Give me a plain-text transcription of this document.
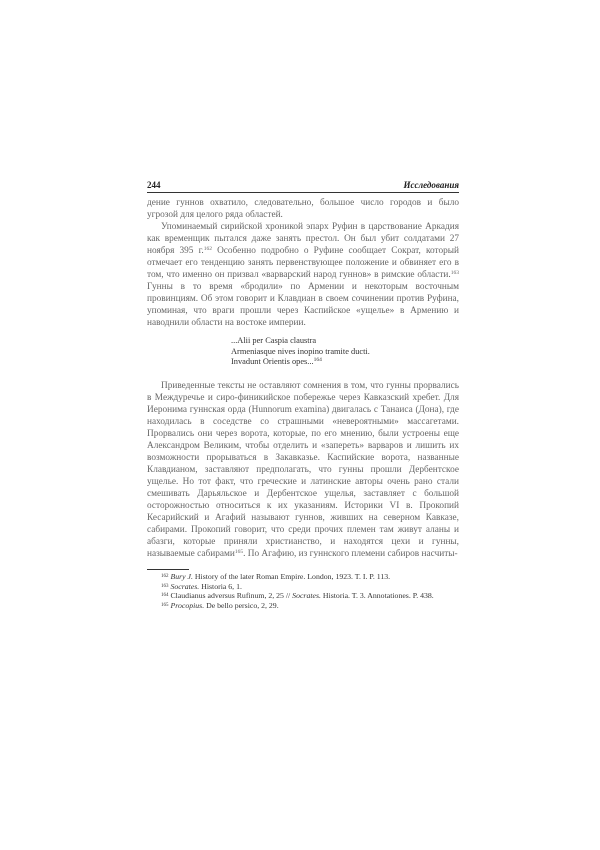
244	Исследования

дение гуннов охватило, следовательно, большое число городов и было угрозой для целого ряда областей.

Упоминаемый сирийской хроникой эпарх Руфин в царствование Аркадия как временщик пытался даже занять престол. Он был убит солдатами 27 ноября 395 г.$^{162}$ Особенно подробно о Руфине сообщает Сократ, который отмечает его тенденцию занять первенствующее положение и обвиняет его в том, что именно он призвал «варварский народ гуннов» в римские области.$^{163}$ Гунны в то время «бродили» по Армении и некоторым восточным провинциям. Об этом говорит и Клавдиан в своем сочинении против Руфина, упоминая, что враги прошли через Каспийское «ущелье» в Армению и наводнили области на востоке империи.

...Alii per Caspia claustra
Armeniasque nives inopino tramite ducti.
Invadunt Orientis opes...$^{164}$

Приведенные тексты не оставляют сомнения в том, что гунны прорвались в Междуречье и сиро-финикийское побережье через Кавказский хребет. Для Иеронима гуннская орда (Hunnorum examina) двигалась с Танаиса (Дона), где находилась в соседстве со страшными «невероятными» массагетами. Прорвались они через ворота, которые, по его мнению, были устроены еще Александром Великим, чтобы отделить и «запереть» варваров и лишить их возможности прорываться в Закавказье. Каспийские ворота, названные Клавдианом, заставляют предполагать, что гунны прошли Дербентское ущелье. Но тот факт, что греческие и латинские авторы очень рано стали смешивать Дарьяльское и Дербентское ущелья, заставляет с большой осторожностью относиться к их указаниям. Историки VI в. Прокопий Кесарийский и Агафий называют гуннов, живших на северном Кавказе, сабирами. Прокопий говорит, что среди прочих племен там живут аланы и абазги, которые приняли христианство, и находятся цехи и гунны, называемые сабирами$^{165}$. По Агафию, из гуннского племени сабиров насчиты-

$^{162}$ Bury J. History of the later Roman Empire. London, 1923. T. I. P. 113.
$^{163}$ Socrates. Historia 6, 1.
$^{164}$ Claudianus adversus Rufinum, 2, 25 // Socrates. Historia. T. 3. Annotationes. P. 438.
$^{165}$ Procopius. De bello persico, 2, 29.
